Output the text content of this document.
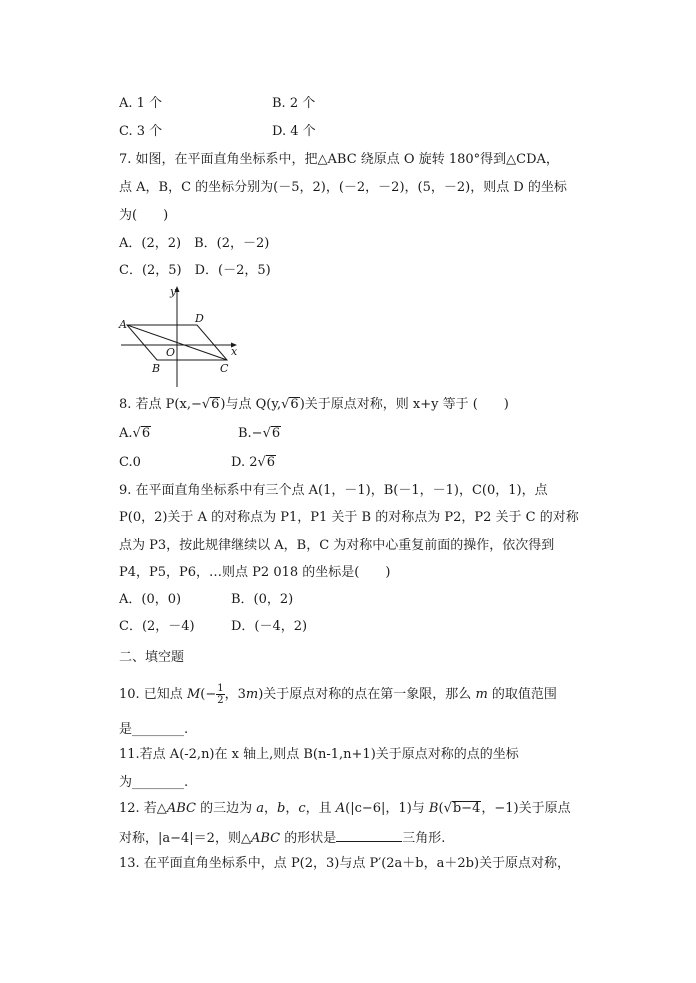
A. 1 个	B. 2 个
C. 3 个	D. 4 个
7. 如图，在平面直角坐标系中，把△ABC 绕原点 O 旋转 180°得到△CDA，
点 A，B，C 的坐标分别为(－5，2)，(－2，－2)，(5，－2)，则点 D 的坐标
为(　　)
A．(2，2)　B．(2，－2)
C．(2，5)　D．(－2，5)
y
x
A	D
O
B	C
8. 若点 P(x,−√6)与点 Q(y,√6)关于原点对称，则 x+y 等于 (　　)
A.√6	B.−√6
C.0	D. 2√6
9. 在平面直角坐标系中有三个点 A(1，－1)，B(－1，－1)，C(0，1)，点
P(0，2)关于 A 的对称点为 P1，P1 关于 B 的对称点为 P2，P2 关于 C 的对称
点为 P3，按此规律继续以 A，B，C 为对称中心重复前面的操作，依次得到
P4，P5，P6，…则点 P2 018 的坐标是(　　)
A．(0，0)	B．(0，2)
C．(2，－4)	D．(－4，2)
二、填空题
10. 已知点 $M(- \frac{1}{2}$ ，3m)关于原点对称的点在第一象限，那么 m 的取值范围
是________.
11.若点 A(-2,n)在 x 轴上,则点 B(n-1,n+1)关于原点对称的点的坐标
为________.
12. 若△ABC 的三边为 a，b，c，且 A(|c−6|，1)与 B(√b−4，−1)关于原点
对称，|a−4|＝2，则△ABC 的形状是	三角形.
13. 在平面直角坐标系中，点 P(2，3)与点 P′(2a＋b，a＋2b)关于原点对称，
